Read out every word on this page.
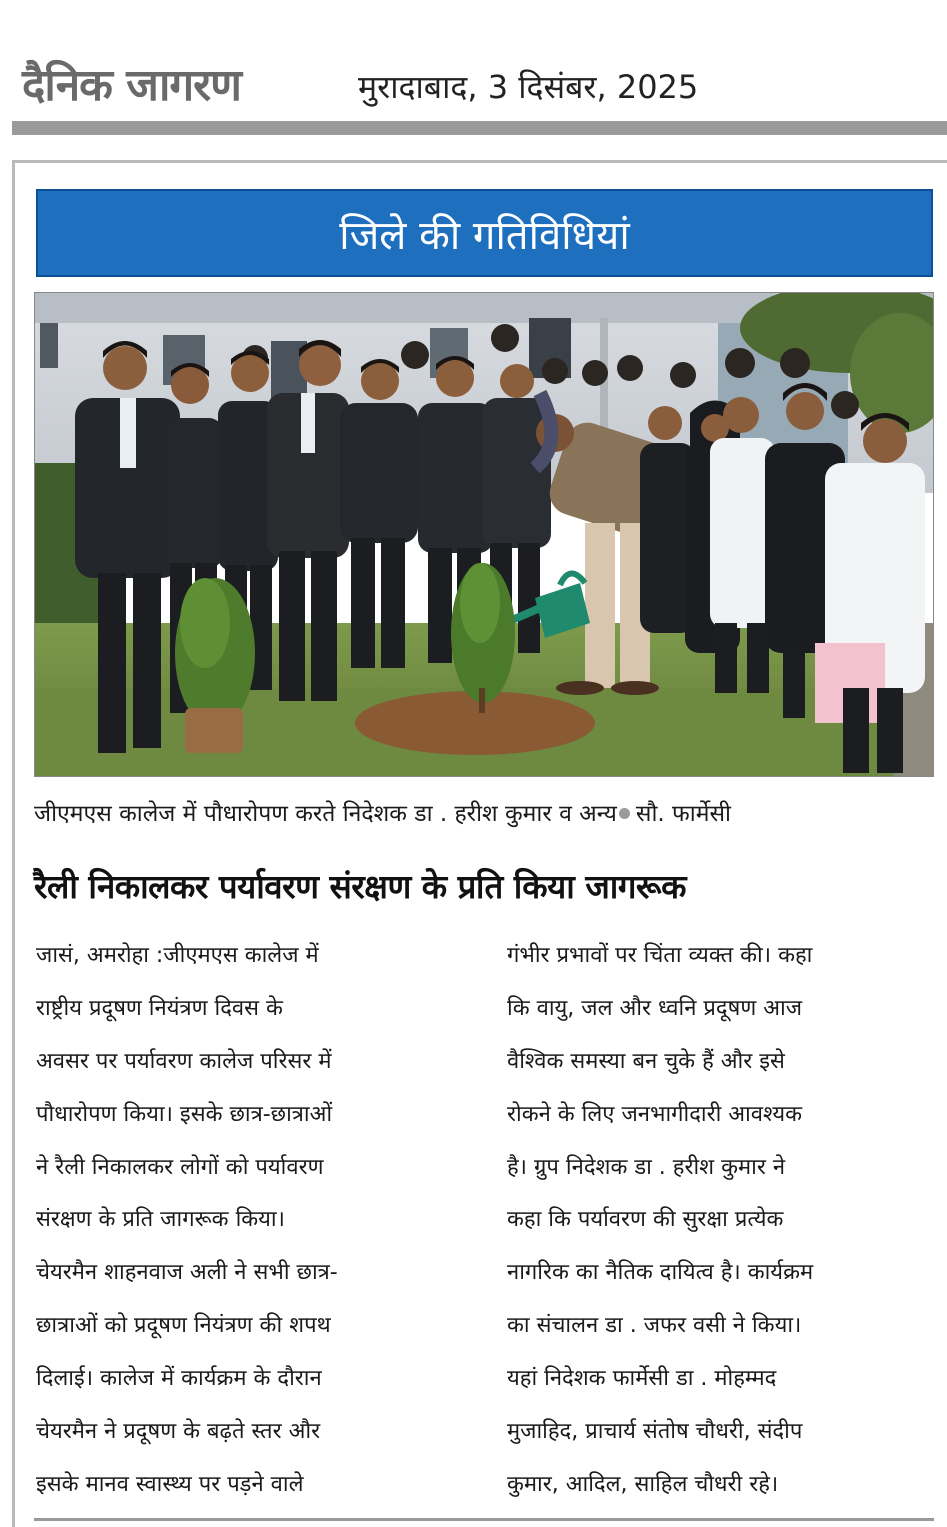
दैनिक जागरण	मुरादाबाद, 3 दिसंबर, 2025
जिले की गतिविधियां
जीएमएस कालेज में पौधारोपण करते निदेशक डा . हरीश कुमार व अन्य सौ. फार्मेसी
रैली निकालकर पर्यावरण संरक्षण के प्रति किया जागरूक
जासं, अमरोहा :जीएमएस कालेज में
राष्ट्रीय प्रदूषण नियंत्रण दिवस के
अवसर पर पर्यावरण कालेज परिसर में
पौधारोपण किया। इसके छात्र-छात्राओं
ने रैली निकालकर लोगों को पर्यावरण
संरक्षण के प्रति जागरूक किया।
चेयरमैन शाहनवाज अली ने सभी छात्र-
छात्राओं को प्रदूषण नियंत्रण की शपथ
दिलाई। कालेज में कार्यक्रम के दौरान
चेयरमैन ने प्रदूषण के बढ़ते स्तर और
इसके मानव स्वास्थ्य पर पड़ने वाले
गंभीर प्रभावों पर चिंता व्यक्त की। कहा
कि वायु, जल और ध्वनि प्रदूषण आज
वैश्विक समस्या बन चुके हैं और इसे
रोकने के लिए जनभागीदारी आवश्यक
है। ग्रुप निदेशक डा . हरीश कुमार ने
कहा कि पर्यावरण की सुरक्षा प्रत्येक
नागरिक का नैतिक दायित्व है। कार्यक्रम
का संचालन डा . जफर वसी ने किया।
यहां निदेशक फार्मेसी डा . मोहम्मद
मुजाहिद, प्राचार्य संतोष चौधरी, संदीप
कुमार, आदिल, साहिल चौधरी रहे।
